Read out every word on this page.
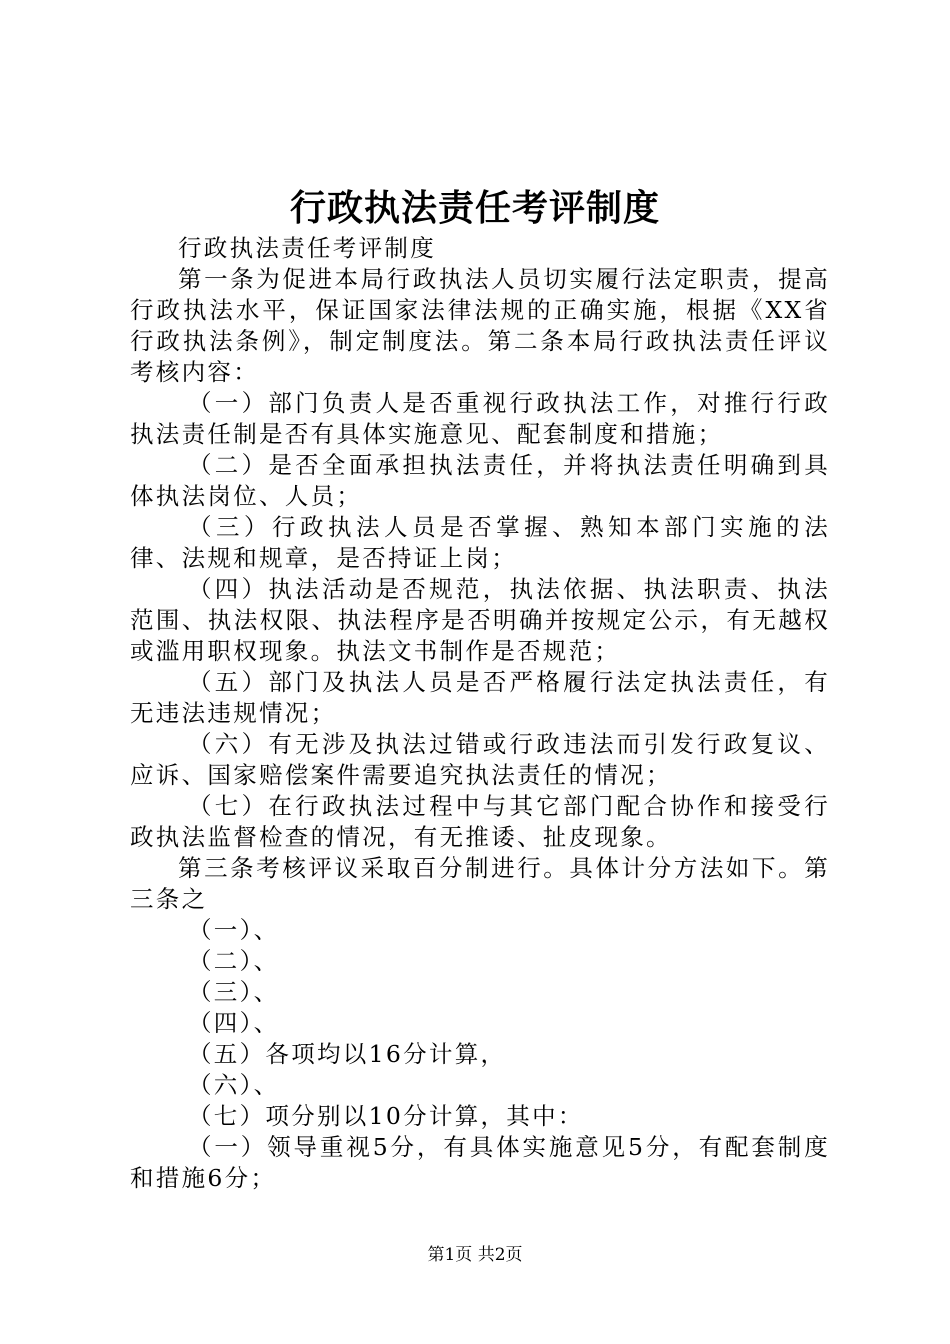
行政执法责任考评制度

行政执法责任考评制度

第一条为促进本局行政执法人员切实履行法定职责，提高行政执法水平，保证国家法律法规的正确实施，根据《XX省行政执法条例》，制定制度法。第二条本局行政执法责任评议考核内容：

（一）部门负责人是否重视行政执法工作，对推行行政执法责任制是否有具体实施意见、配套制度和措施；

（二）是否全面承担执法责任，并将执法责任明确到具体执法岗位、人员；

（三）行政执法人员是否掌握、熟知本部门实施的法律、法规和规章，是否持证上岗；

（四）执法活动是否规范，执法依据、执法职责、执法范围、执法权限、执法程序是否明确并按规定公示，有无越权或滥用职权现象。执法文书制作是否规范；

（五）部门及执法人员是否严格履行法定执法责任，有无违法违规情况；

（六）有无涉及执法过错或行政违法而引发行政复议、应诉、国家赔偿案件需要追究执法责任的情况；

（七）在行政执法过程中与其它部门配合协作和接受行政执法监督检查的情况，有无推诿、扯皮现象。

第三条考核评议采取百分制进行。具体计分方法如下。第三条之

（一）、

（二）、

（三）、

（四）、

（五）各项均以16分计算，

（六）、

（七）项分别以10分计算，其中：

（一）领导重视5分，有具体实施意见5分，有配套制度和措施6分；

第1页 共2页
